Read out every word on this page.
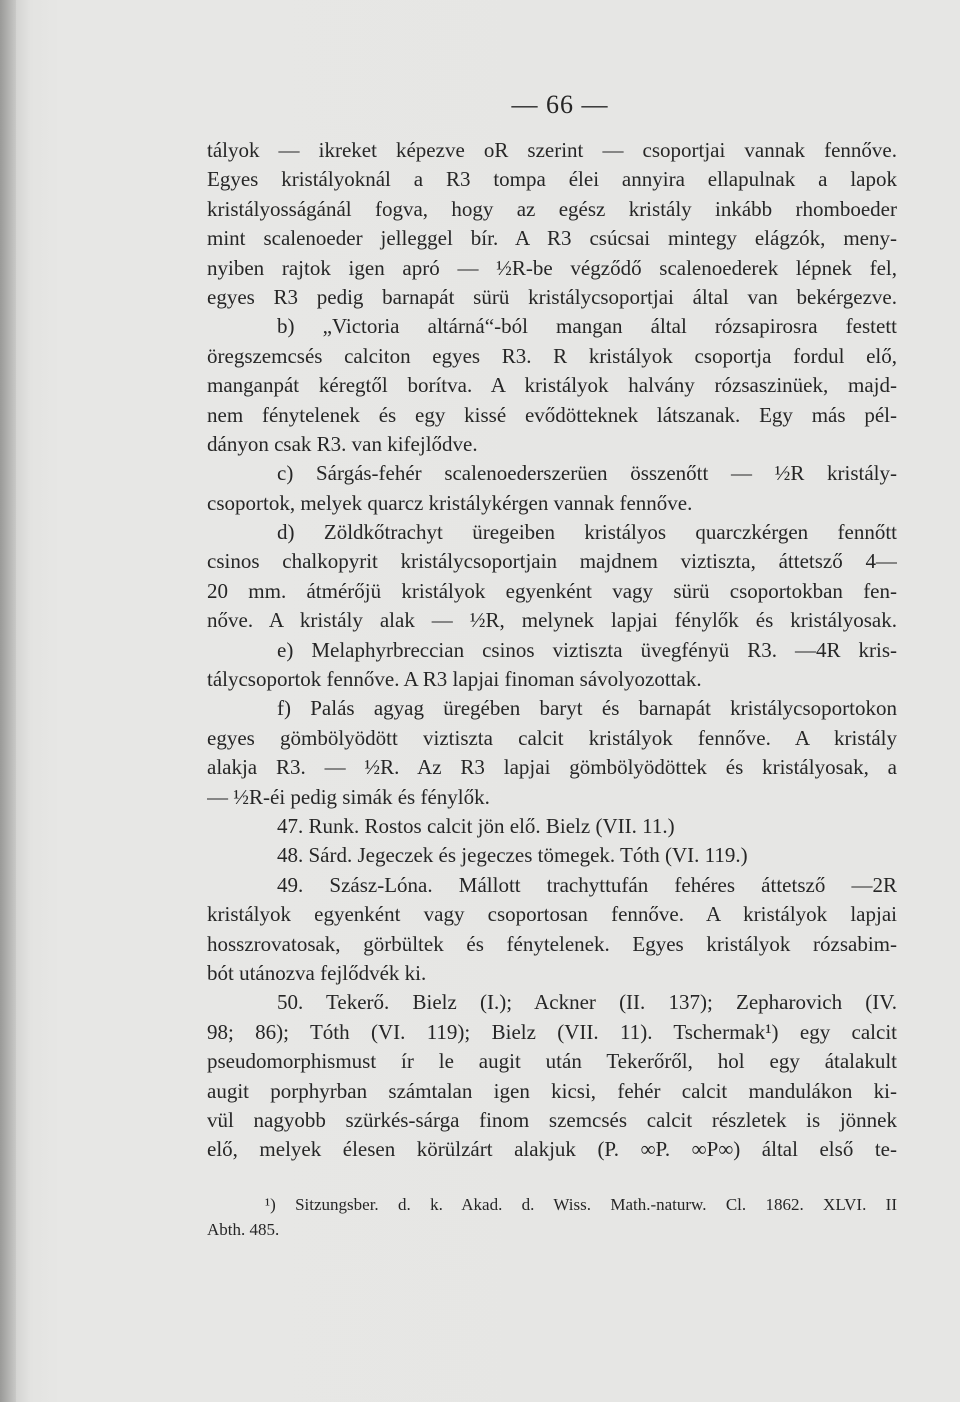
— 66 —
tályok — ikreket képezve oR szerint — csoportjai vannak fennőve.
Egyes kristályoknál a R3 tompa élei annyira ellapulnak a lapok
kristályosságánál fogva, hogy az egész kristály inkább rhomboeder
mint scalenoeder jelleggel bír. A R3 csúcsai mintegy elágzók, meny-
nyiben rajtok igen apró — ½R-be végződő scalenoederek lépnek fel,
egyes R3 pedig barnapát sürü kristálycsoportjai által van bekérgezve.
b) „Victoria altárná“-ból mangan által rózsapirosra festett
öregszemcsés calciton egyes R3. R kristályok csoportja fordul elő,
manganpát kéregtől borítva. A kristályok halvány rózsaszinüek, majd-
nem fénytelenek és egy kissé evődötteknek látszanak. Egy más pél-
dányon csak R3. van kifejlődve.
c) Sárgás-fehér scalenoederszerüen összenőtt — ½R kristály-
csoportok, melyek quarcz kristálykérgen vannak fennőve.
d) Zöldkőtrachyt üregeiben kristályos quarczkérgen fennőtt
csinos chalkopyrit kristálycsoportjain majdnem viztiszta, áttetsző 4—
20 mm. átmérőjü kristályok egyenként vagy sürü csoportokban fen-
nőve. A kristály alak — ½R, melynek lapjai fénylők és kristályosak.
e) Melaphyrbreccian csinos viztiszta üvegfényü R3. —4R kris-
tálycsoportok fennőve. A R3 lapjai finoman sávolyozottak.
f) Palás agyag üregében baryt és barnapát kristálycsoportokon
egyes gömbölyödött viztiszta calcit kristályok fennőve. A kristály
alakja R3. — ½R. Az R3 lapjai gömbölyödöttek és kristályosak, a
— ½R-éi pedig simák és fénylők.
47. Runk. Rostos calcit jön elő. Bielz (VII. 11.)
48. Sárd. Jegeczek és jegeczes tömegek. Tóth (VI. 119.)
49. Szász-Lóna. Mállott trachyttufán fehéres áttetsző —2R
kristályok egyenként vagy csoportosan fennőve. A kristályok lapjai
hosszrovatosak, görbültek és fénytelenek. Egyes kristályok rózsabim-
bót utánozva fejlődvék ki.
50. Tekerő. Bielz (I.); Ackner (II. 137); Zepharovich (IV.
98; 86); Tóth (VI. 119); Bielz (VII. 11). Tschermak¹) egy calcit
pseudomorphismust ír le augit után Tekerőről, hol egy átalakult
augit porphyrban számtalan igen kicsi, fehér calcit mandulákon ki-
vül nagyobb szürkés-sárga finom szemcsés calcit részletek is jönnek
elő, melyek élesen körülzárt alakjuk (P. ∞P. ∞P∞) által első te-
¹) Sitzungsber. d. k. Akad. d. Wiss. Math.-naturw. Cl. 1862. XLVI. II
Abth. 485.
